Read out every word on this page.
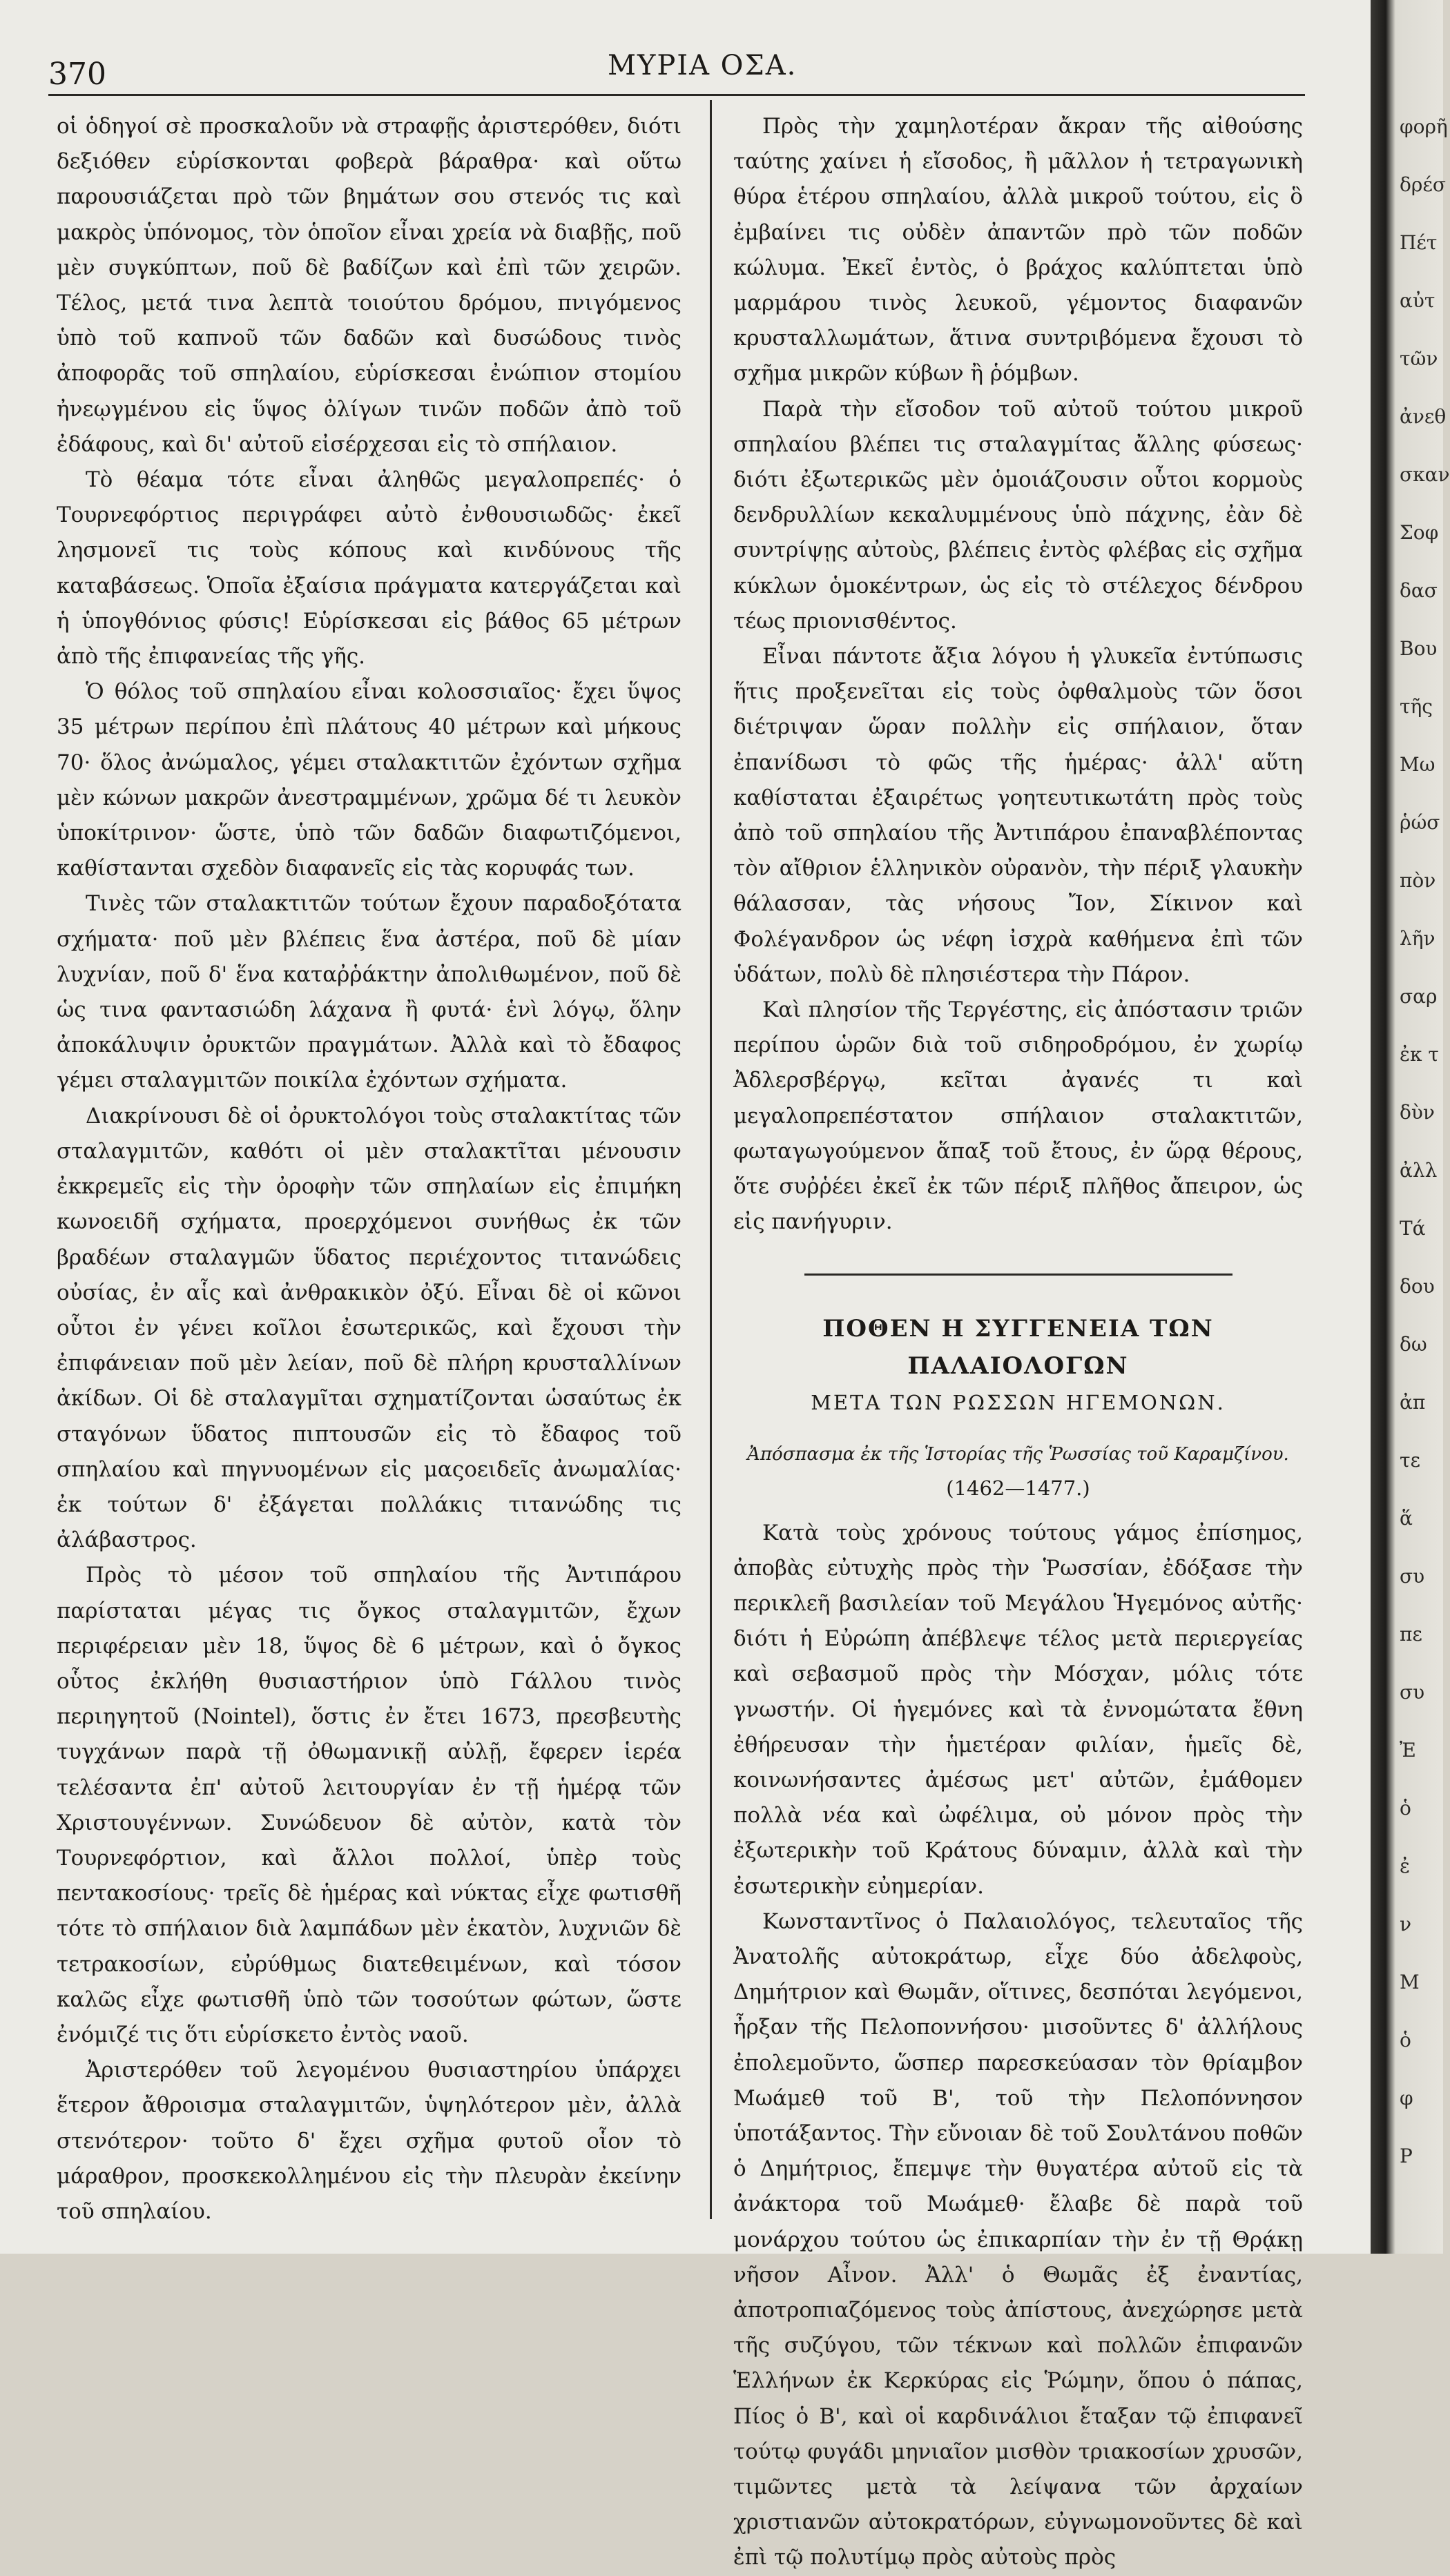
370	ΜΥΡΙΑ ΟΣΑ.

οἱ ὁδηγοί σὲ προσκαλοῦν νὰ στραφῇς ἀριστερόθεν, διότι δεξιόθεν εὑρίσκονται φοβερὰ βάραθρα· καὶ οὕτω παρουσιάζεται πρὸ τῶν βημάτων σου στενός τις καὶ μακρὸς ὑπόνομος, τὸν ὁποῖον εἶναι χρεία νὰ διαβῇς, ποῦ μὲν συγκύπτων, ποῦ δὲ βαδίζων καὶ ἐπὶ τῶν χειρῶν. Τέλος, μετά τινα λεπτὰ τοιούτου δρόμου, πνιγόμενος ὑπὸ τοῦ καπνοῦ τῶν δαδῶν καὶ δυσώδους τινὸς ἀποφορᾶς τοῦ σπηλαίου, εὑρίσκεσαι ἐνώπιον στομίου ἠνεῳγμένου εἰς ὕψος ὀλίγων τινῶν ποδῶν ἀπὸ τοῦ ἐδάφους, καὶ δι' αὐτοῦ εἰσέρχεσαι εἰς τὸ σπήλαιον.

Τὸ θέαμα τότε εἶναι ἀληθῶς μεγαλοπρεπές· ὁ Τουρνεφόρτιος περιγράφει αὐτὸ ἐνθουσιωδῶς· ἐκεῖ λησμονεῖ τις τοὺς κόπους καὶ κινδύνους τῆς καταβάσεως. Ὁποῖα ἐξαίσια πράγματα κατεργάζεται καὶ ἡ ὑπογθόνιος φύσις! Εὑρίσκεσαι εἰς βάθος 65 μέτρων ἀπὸ τῆς ἐπιφανείας τῆς γῆς.

Ὁ θόλος τοῦ σπηλαίου εἶναι κολοσσιαῖος· ἔχει ὕψος 35 μέτρων περίπου ἐπὶ πλάτους 40 μέτρων καὶ μήκους 70· ὅλος ἀνώμαλος, γέμει σταλακτιτῶν ἐχόντων σχῆμα μὲν κώνων μακρῶν ἀνεστραμμένων, χρῶμα δέ τι λευκὸν ὑποκίτρινον· ὥστε, ὑπὸ τῶν δαδῶν διαφωτιζόμενοι, καθίστανται σχεδὸν διαφανεῖς εἰς τὰς κορυφάς των.

Τινὲς τῶν σταλακτιτῶν τούτων ἔχουν παραδοξότατα σχήματα· ποῦ μὲν βλέπεις ἕνα ἀστέρα, ποῦ δὲ μίαν λυχνίαν, ποῦ δ' ἕνα καταῤῥάκτην ἀπολιθωμένον, ποῦ δὲ ὡς τινα φαντασιώδη λάχανα ἢ φυτά· ἑνὶ λόγῳ, ὅλην ἀποκάλυψιν ὀρυκτῶν πραγμάτων. Ἀλλὰ καὶ τὸ ἔδαφος γέμει σταλαγμιτῶν ποικίλα ἐχόντων σχήματα.

Διακρίνουσι δὲ οἱ ὀρυκτολόγοι τοὺς σταλακτίτας τῶν σταλαγμιτῶν, καθότι οἱ μὲν σταλακτῖται μένουσιν ἐκκρεμεῖς εἰς τὴν ὀροφὴν τῶν σπηλαίων εἰς ἐπιμήκη κωνοειδῆ σχήματα, προερχόμενοι συνήθως ἐκ τῶν βραδέων σταλαγμῶν ὕδατος περιέχοντος τιτανώδεις οὐσίας, ἐν αἷς καὶ ἀνθρακικὸν ὀξύ. Εἶναι δὲ οἱ κῶνοι οὗτοι ἐν γένει κοῖλοι ἐσωτερικῶς, καὶ ἔχουσι τὴν ἐπιφάνειαν ποῦ μὲν λείαν, ποῦ δὲ πλήρη κρυσταλλίνων ἀκίδων. Οἱ δὲ σταλαγμῖται σχηματίζονται ὡσαύτως ἐκ σταγόνων ὕδατος πιπτουσῶν εἰς τὸ ἔδαφος τοῦ σπηλαίου καὶ πηγνυομένων εἰς μαςοειδεῖς ἀνωμαλίας· ἐκ τούτων δ' ἐξάγεται πολλάκις τιτανώδης τις ἀλάβαστρος.

Πρὸς τὸ μέσον τοῦ σπηλαίου τῆς Ἀντιπάρου παρίσταται μέγας τις ὄγκος σταλαγμιτῶν, ἔχων περιφέρειαν μὲν 18, ὕψος δὲ 6 μέτρων, καὶ ὁ ὄγκος οὗτος ἐκλήθη θυσιαστήριον ὑπὸ Γάλλου τινὸς περιηγητοῦ (Nointel), ὅστις ἐν ἔτει 1673, πρεσβευτὴς τυγχάνων παρὰ τῇ ὀθωμανικῇ αὐλῇ, ἔφερεν ἱερέα τελέσαντα ἐπ' αὐτοῦ λειτουργίαν ἐν τῇ ἡμέρᾳ τῶν Χριστουγέννων. Συνώδευον δὲ αὐτὸν, κατὰ τὸν Τουρνεφόρτιον, καὶ ἄλλοι πολλοί, ὑπὲρ τοὺς πενταкοσίους· τρεῖς δὲ ἡμέρας καὶ νύκτας εἶχε φωτισθῆ τότε τὸ σπήλαιον διὰ λαμπάδων μὲν ἑκατὸν, λυχνιῶν δὲ τετρακοσίων, εὐρύθμως διατεθειμένων, καὶ τόσον καλῶς εἶχε φωτισθῆ ὑπὸ τῶν τοσούτων φώτων, ὥστε ἐνόμιζέ τις ὅτι εὑρίσκετο ἐντὸς ναοῦ.

Ἀριστερόθεν τοῦ λεγομένου θυσιαστηρίου ὑπάρχει ἕτερον ἄθροισμα σταλαγμιτῶν, ὑψηλότερον μὲν, ἀλλὰ στενότερον· τοῦτο δ' ἔχει σχῆμα φυτοῦ οἷον τὸ μάραθρον, προσκεκολλημένου εἰς τὴν πλευρὰν ἐκείνην τοῦ σπηλαίου.

Πρὸς τὴν χαμηλοτέραν ἄκραν τῆς αἰθούσης ταύτης χαίνει ἡ εἴσοδος, ἢ μᾶλλον ἡ τετραγωνικὴ θύρα ἑτέρου σπηλαίου, ἀλλὰ μικροῦ τούτου, εἰς ὃ ἐμβαίνει τις οὐδὲν ἀπαντῶν πρὸ τῶν ποδῶν κώλυμα. Ἐκεῖ ἐντὸς, ὁ βράχος καλύπτεται ὑπὸ μαρμάρου τινὸς λευκοῦ, γέμοντος διαφανῶν κρυσταλλωμάτων, ἅτινα συντριβόμενα ἔχουσι τὸ σχῆμα μικρῶν κύβων ἢ ῥόμβων.

Παρὰ τὴν εἴσοδον τοῦ αὐτοῦ τούτου μικροῦ σπηλαίου βλέπει τις σταλαγμίτας ἄλλης φύσεως· διότι ἐξωτερικῶς μὲν ὁμοιάζουσιν οὗτοι κορμοὺς δενδρυλλίων κεκαλυμμένους ὑπὸ πάχνης, ἐὰν δὲ συντρίψῃς αὐτοὺς, βλέπεις ἐντὸς φλέβας εἰς σχῆμα κύκλων ὁμοκέντρων, ὡς εἰς τὸ στέλεχος δένδρου τέως πριονισθέντος.

Εἶναι πάντοτε ἄξια λόγου ἡ γλυκεῖα ἐντύπωσις ἥτις προξενεῖται εἰς τοὺς ὀφθαλμοὺς τῶν ὅσοι διέτριψαν ὥραν πολλὴν εἰς σπήλαιον, ὅταν ἐπανίδωσι τὸ φῶς τῆς ἡμέρας· ἀλλ' αὕτη καθίσταται ἐξαιρέτως γοητευτικωτάτη πρὸς τοὺς ἀπὸ τοῦ σπηλαίου τῆς Ἀντιπάρου ἐπαναβλέποντας τὸν αἴθριον ἑλληνικὸν οὐρανὸν, τὴν πέριξ γλαυκὴν θάλασσαν, τὰς νήσους Ἴον, Σίκινον καὶ Φολέγανδρον ὡς νέφη ἰσχρὰ καθήμενα ἐπὶ τῶν ὑδάτων, πολὺ δὲ πλησιέστερα τὴν Πάρον.

Καὶ πλησίον τῆς Τεργέστης, εἰς ἀπόστασιν τριῶν περίπου ὡρῶν διὰ τοῦ σιδηροδρόμου, ἐν χωρίῳ Ἀδλερσβέργῳ, κεῖται ἀγανές τι καὶ μεγαλοπρεπέστατον σπήλαιον σταλακτιτῶν, φωταγωγούμενον ἅπαξ τοῦ ἔτους, ἐν ὥρᾳ θέρους, ὅτε συῤῥέει ἐκεῖ ἐκ τῶν πέριξ πλῆθος ἄπειρον, ὡς εἰς πανήγυριν.

ΠΟΘΕΝ Η ΣΥΓΓΕΝΕΙΑ ΤΩΝ ΠΑΛΑΙΟΛΟΓΩΝ
ΜΕΤΑ ΤΩΝ ΡΩΣΣΩΝ ΗΓΕΜΟΝΩΝ.
Ἀπόσπασμα ἐκ τῆς Ἱστορίας τῆς Ῥωσσίας τοῦ Καραμζίνου.
(1462—1477.)

Κατὰ τοὺς χρόνους τούτους γάμος ἐπίσημος, ἀποβὰς εὐτυχὴς πρὸς τὴν Ῥωσσίαν, ἐδόξασε τὴν περικλεῆ βασιλείαν τοῦ Μεγάλου Ἡγεμόνος αὐτῆς· διότι ἡ Εὐρώπη ἀπέβλεψε τέλος μετὰ περιεργείας καὶ σεβασμοῦ πρὸς τὴν Μόσχαν, μόλις τότε γνωστήν. Οἱ ἡγεμόνες καὶ τὰ ἐννομώτατα ἔθνη ἐθήρευσαν τὴν ἡμετέραν φιλίαν, ἡμεῖς δὲ, κοινωνήσαντες ἀμέσως μετ' αὐτῶν, ἐμάθομεν πολλὰ νέα καὶ ὠφέλιμα, οὐ μόνον πρὸς τὴν ἐξωτερικὴν τοῦ Κράτους δύναμιν, ἀλλὰ καὶ τὴν ἐσωτερικὴν εὐημερίαν.

Κωνσταντῖνος ὁ Παλαιολόγος, τελευταῖος τῆς Ἀνατολῆς αὐτοκράτωρ, εἶχε δύο ἀδελφοὺς, Δημήτριον καὶ Θωμᾶν, οἵτινες, δεσπόται λεγόμενοι, ἦρξαν τῆς Πελοποννήσου· μισοῦντες δ' ἀλλήλους ἐπολεμοῦντο, ὥσπερ παρεσκεύασαν τὸν θρίαμβον Μωάμεθ τοῦ Β', τοῦ τὴν Πελοπόννησον ὑποτάξαντος. Τὴν εὔνοιαν δὲ τοῦ Σουλτάνου ποθῶν ὁ Δημήτριος, ἔπεμψε τὴν θυγατέρα αὐτοῦ εἰς τὰ ἀνάκτορα τοῦ Μωάμεθ· ἔλαβε δὲ παρὰ τοῦ μονάρχου τούτου ὡς ἐπικαρπίαν τὴν ἐν τῇ Θρᾴκῃ νῆσον Αἶνον. Ἀλλ' ὁ Θωμᾶς ἐξ ἐναντίας, ἀποτροπιαζόμενος τοὺς ἀπίστους, ἀνεχώρησε μετὰ τῆς συζύγου, τῶν τέκνων καὶ πολλῶν ἐπιφανῶν Ἑλλήνων ἐκ Κερκύρας εἰς Ῥώμην, ὅπου ὁ πάπας, Πίος ὁ Β', καὶ οἱ καρδινάλιοι ἔταξαν τῷ ἐπιφανεῖ τούτῳ φυγάδι μηνιαῖον μισθὸν τριακοσίων χρυσῶν, τιμῶντες μετὰ τὰ λείψανα τῶν ἀρχαίων χριστιανῶν αὐτοκρατόρων, εὐγνωμονοῦντες δὲ καὶ ἐπὶ τῷ πολυτίμῳ πρὸς αὐτοὺς πρὸς

φορῆ
δρέσ
Πέτ
αὐτ
τῶν
ἀνεθ
σκαν
Σοφ
δασ
Βου
τῆς
Μω
ῥώσ
πὸν
λῆν
σαρ
ἐκ τ
δὺν
ἀλλ
Τά
δου
δω
ἀπ
τε
ἅ
συ
πε
συ
Ἐ
ὁ
ἐ
ν
Μ
ὁ
φ
Ρ
